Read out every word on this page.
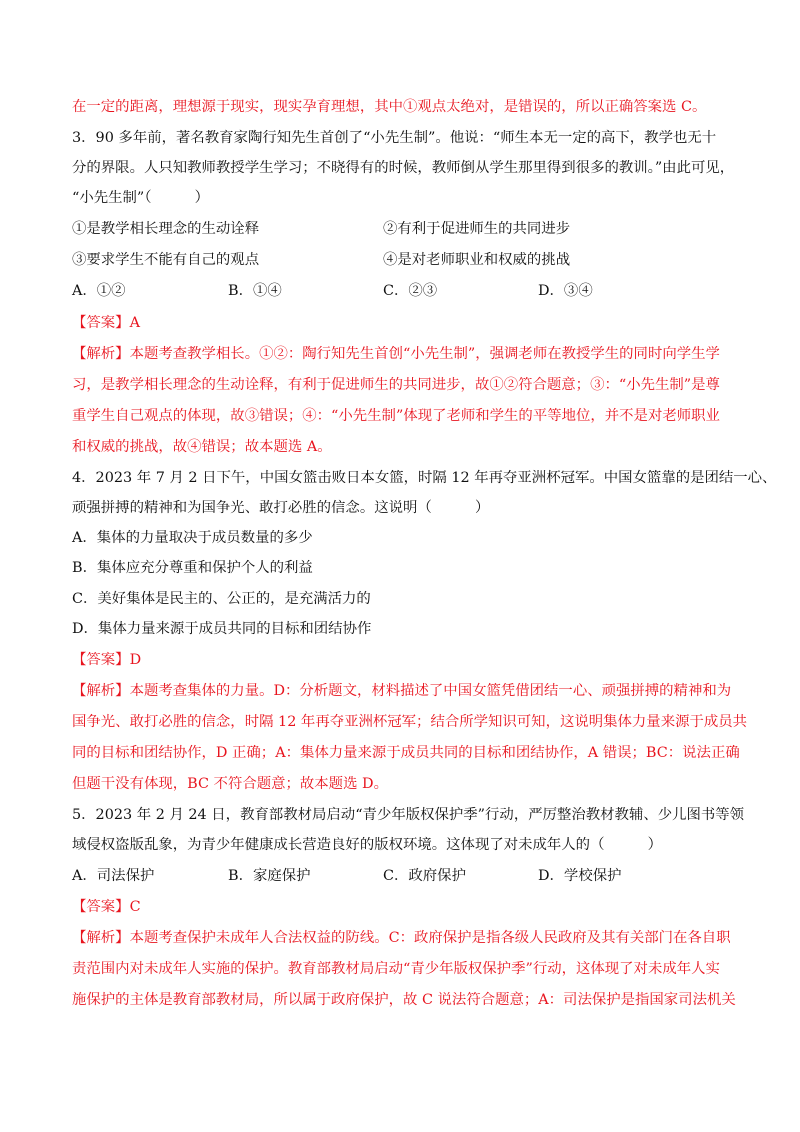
在一定的距离，理想源于现实，现实孕育理想，其中①观点太绝对，是错误的，所以正确答案选 C。
3．90 多年前，著名教育家陶行知先生首创了“小先生制”。他说：“师生本无一定的高下，教学也无十
分的界限。人只知教师教授学生学习；不晓得有的时候，教师倒从学生那里得到很多的教训。”由此可见，
“小先生制”（　　　）
①是教学相长理念的生动诠释	②有利于促进师生的共同进步
③要求学生不能有自己的观点	④是对老师职业和权威的挑战
A．①②	B．①④	C．②③	D．③④
【答案】A
【解析】本题考查教学相长。①②：陶行知先生首创“小先生制”，强调老师在教授学生的同时向学生学
习，是教学相长理念的生动诠释，有利于促进师生的共同进步，故①②符合题意；③：“小先生制”是尊
重学生自己观点的体现，故③错误；④：“小先生制”体现了老师和学生的平等地位，并不是对老师职业
和权威的挑战，故④错误；故本题选 A。
4．2023 年 7 月 2 日下午，中国女篮击败日本女篮，时隔 12 年再夺亚洲杯冠军。中国女篮靠的是团结一心、
顽强拼搏的精神和为国争光、敢打必胜的信念。这说明（　　　）
A．集体的力量取决于成员数量的多少
B．集体应充分尊重和保护个人的利益
C．美好集体是民主的、公正的，是充满活力的
D．集体力量来源于成员共同的目标和团结协作
【答案】D
【解析】本题考查集体的力量。D：分析题文，材料描述了中国女篮凭借团结一心、顽强拼搏的精神和为
国争光、敢打必胜的信念，时隔 12 年再夺亚洲杯冠军；结合所学知识可知，这说明集体力量来源于成员共
同的目标和团结协作，D 正确；A：集体力量来源于成员共同的目标和团结协作，A 错误；BC：说法正确
但题干没有体现，BC 不符合题意；故本题选 D。
5．2023 年 2 月 24 日，教育部教材局启动“青少年版权保护季”行动，严厉整治教材教辅、少儿图书等领
域侵权盗版乱象，为青少年健康成长营造良好的版权环境。这体现了对未成年人的（　　　）
A．司法保护	B．家庭保护	C．政府保护	D．学校保护
【答案】C
【解析】本题考查保护未成年人合法权益的防线。C：政府保护是指各级人民政府及其有关部门在各自职
责范围内对未成年人实施的保护。教育部教材局启动“青少年版权保护季”行动，这体现了对未成年人实
施保护的主体是教育部教材局，所以属于政府保护，故 C 说法符合题意；A：司法保护是指国家司法机关
